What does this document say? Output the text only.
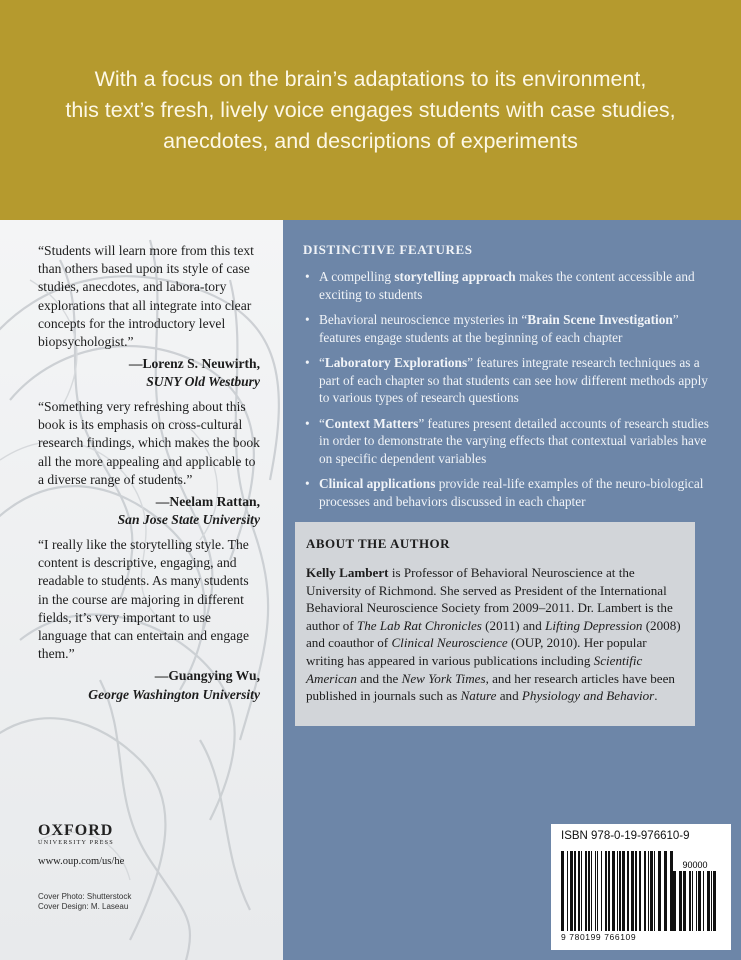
With a focus on the brain’s adaptations to its environment,
this text’s fresh, lively voice engages students with case studies,
anecdotes, and descriptions of experiments

“Students will learn more from this text than others based upon its style of case studies, anecdotes, and labora-tory explorations that all integrate into clear concepts for the introductory level biopsychologist.”
—Lorenz S. Neuwirth,
SUNY Old Westbury
“Something very refreshing about this book is its emphasis on cross-cultural research findings, which makes the book all the more appealing and applicable to a diverse range of students.”
—Neelam Rattan,
San Jose State University
“I really like the storytelling style. The content is descriptive, engaging, and readable to students. As many students in the course are majoring in different fields, it’s very important to use language that can entertain and engage them.”
—Guangying Wu,
George Washington University
OXFORD
UNIVERSITY PRESS
www.oup.com/us/he
Cover Photo: Shutterstock
Cover Design: M. Laseau
DISTINCTIVE FEATURES
• A compelling storytelling approach makes the content accessible and exciting to students
• Behavioral neuroscience mysteries in “Brain Scene Investigation” features engage students at the beginning of each chapter
• “Laboratory Explorations” features integrate research techniques as a part of each chapter so that students can see how different methods apply to various types of research questions
• “Context Matters” features present detailed accounts of research studies in order to demonstrate the varying effects that contextual variables have on specific dependent variables
• Clinical applications provide real-life examples of the neuro-biological processes and behaviors discussed in each chapter
ABOUT THE AUTHOR

Kelly Lambert is Professor of Behavioral Neuroscience at the University of Richmond. She served as President of the International Behavioral Neuroscience Society from 2009–2011. Dr. Lambert is the author of The Lab Rat Chronicles (2011) and Lifting Depression (2008) and coauthor of Clinical Neuroscience (OUP, 2010). Her popular writing has appeared in various publications including Scientific American and the New York Times, and her research articles have been published in journals such as Nature and Physiology and Behavior.

ISBN 978-0-19-976610-9
90000
9 780199 766109
